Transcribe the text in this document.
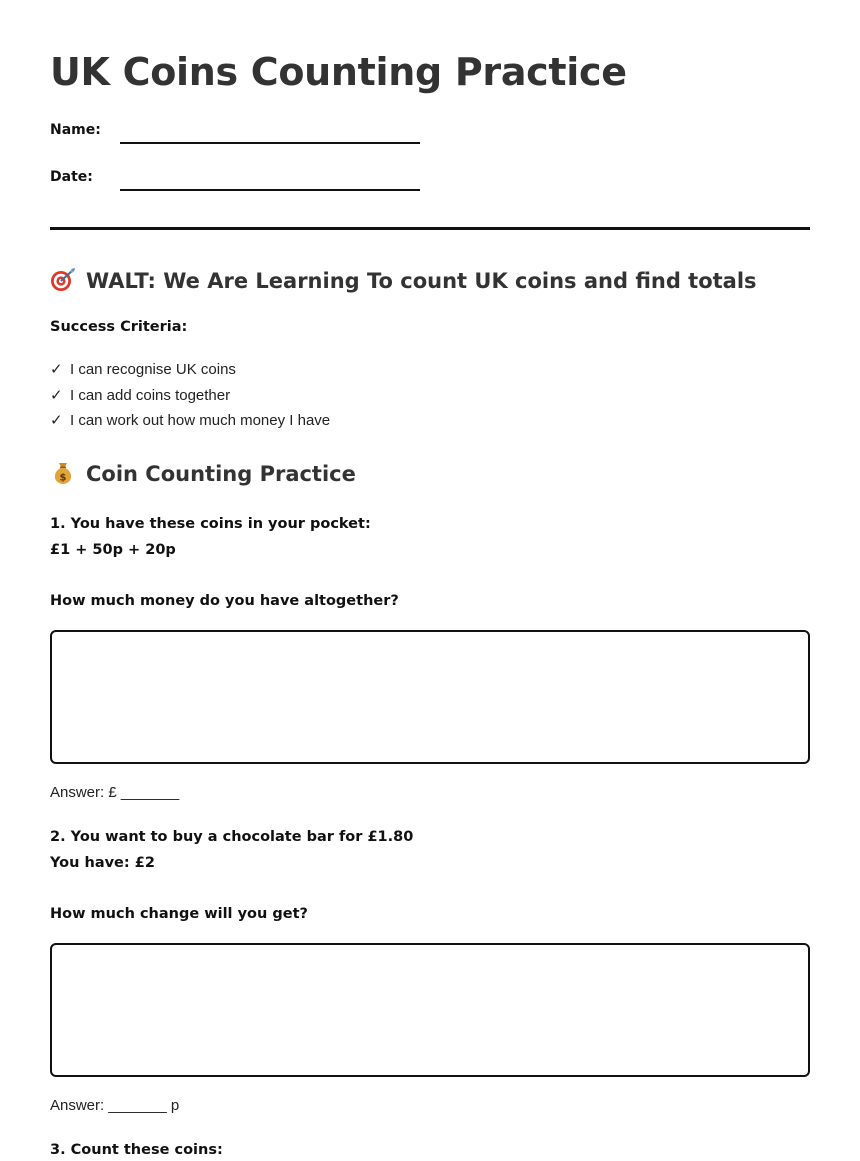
UK Coins Counting Practice
Name:
Date:
WALT: We Are Learning To count UK coins and find totals
Success Criteria:
✓ I can recognise UK coins
✓ I can add coins together
✓ I can work out how much money I have
$ Coin Counting Practice
1. You have these coins in your pocket:
£1 + 50p + 20p
How much money do you have altogether?
Answer: £ _______
2. You want to buy a chocolate bar for £1.80
You have: £2
How much change will you get?
Answer: _______ p
3. Count these coins:
